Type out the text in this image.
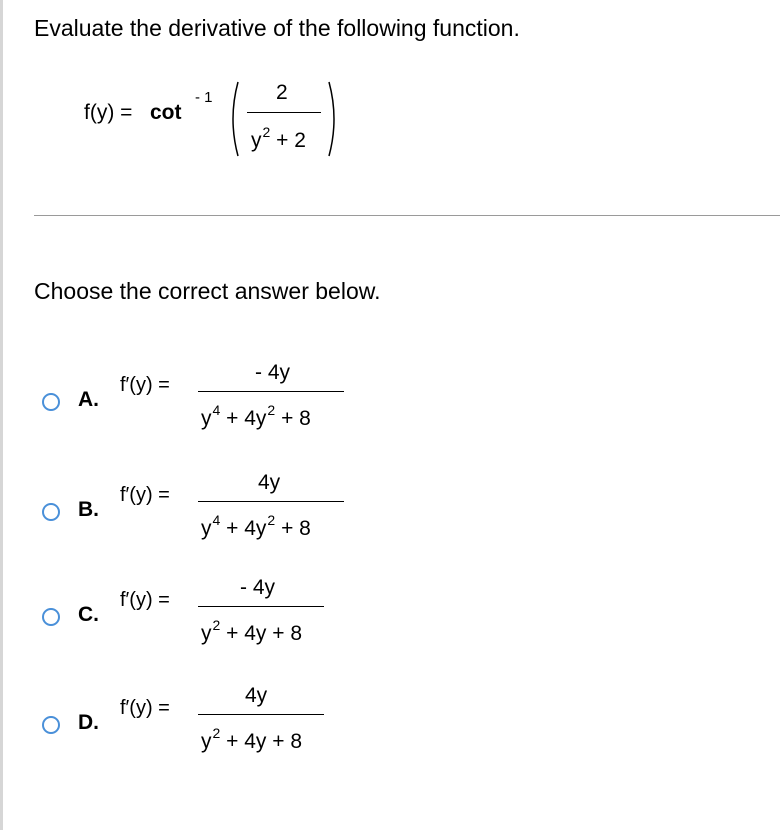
Evaluate the derivative of the following function.
f(y) = cot
- 1	2
$y^2 + 2$
Choose the correct answer below.
A.
f′(y) =
- 4y
$y^4 + 4y^2 + 8$
B.
f′(y) =
4y
$y^4 + 4y^2 + 8$
C.
f′(y) =
- 4y
$y^2 + 4y + 8$
D.
f′(y) =
4y
$y^2 + 4y + 8$
